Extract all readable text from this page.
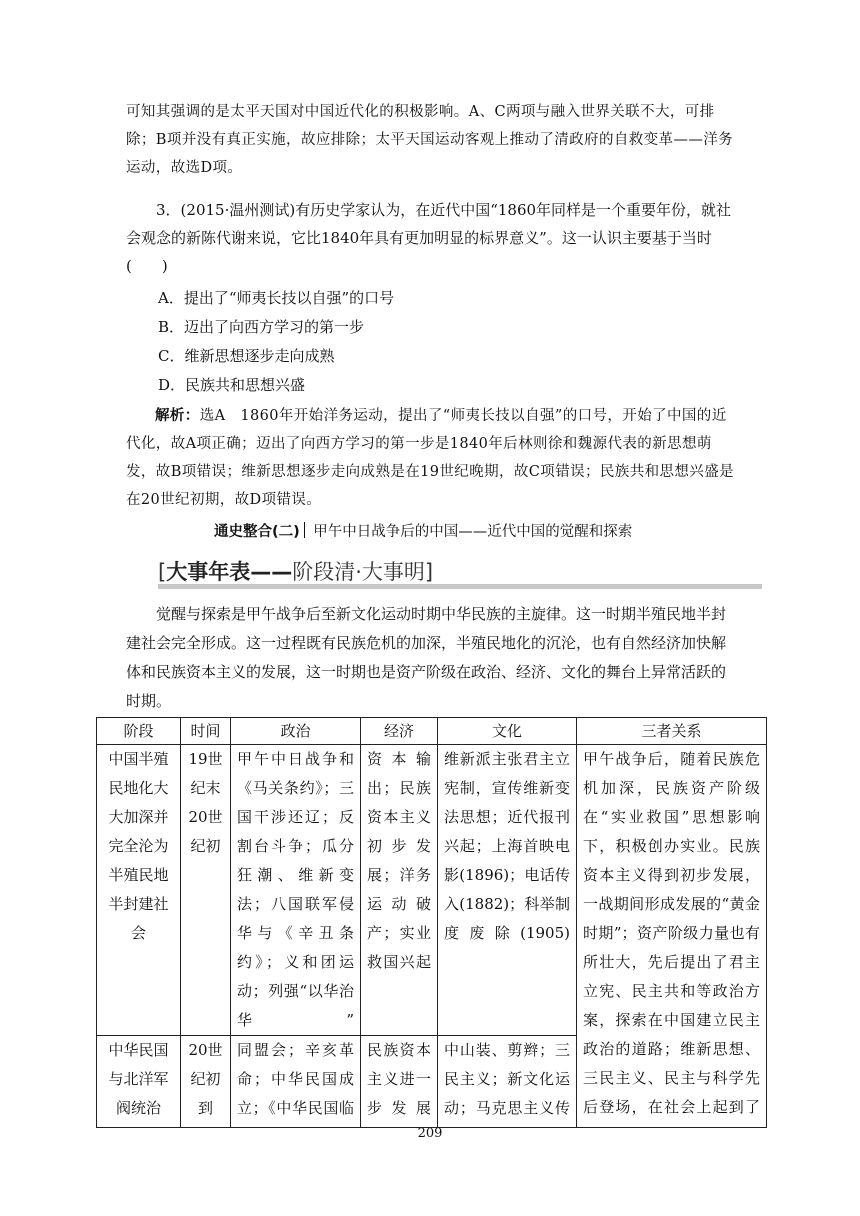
可知其强调的是太平天国对中国近代化的积极影响。A、C两项与融入世界关联不大，可排除；B项并没有真正实施，故应排除；太平天国运动客观上推动了清政府的自救变革——洋务运动，故选D项。

3．(2015·温州测试)有历史学家认为，在近代中国“1860年同样是一个重要年份，就社会观念的新陈代谢来说，它比1840年具有更加明显的标界意义”。这一认识主要基于当时(　　)

A．提出了“师夷长技以自强”的口号

B．迈出了向西方学习的第一步

C．维新思想逐步走向成熟

D．民族共和思想兴盛

解析：选A　1860年开始洋务运动，提出了“师夷长技以自强”的口号，开始了中国的近代化，故A项正确；迈出了向西方学习的第一步是1840年后林则徐和魏源代表的新思想萌发，故B项错误；维新思想逐步走向成熟是在19世纪晚期，故C项错误；民族共和思想兴盛是在20世纪初期，故D项错误。

通史整合(二) 甲午中日战争后的中国——近代中国的觉醒和探索
[大事年表——阶段清·大事明]

觉醒与探索是甲午战争后至新文化运动时期中华民族的主旋律。这一时期半殖民地半封建社会完全形成。这一过程既有民族危机的加深，半殖民地化的沉沦，也有自然经济加快解体和民族资本主义的发展，这一时期也是资产阶级在政治、经济、文化的舞台上异常活跃的时期。

阶段	时间	政治	经济	文化	三者关系
中国半殖民地化大大加深并完全沦为半殖民地半封建社会	19世纪末20世纪初	甲午中日战争和《马关条约》；三国干涉还辽；反割台斗争；瓜分狂潮、维新变法；八国联军侵华与《辛丑条约》；义和团运动；列强“以华治华”	资本输出；民族资本主义初步发展；洋务运动破产；实业救国兴起	维新派主张君主立宪制，宣传维新变法思想；近代报刊兴起；上海首映电影(1896)；电话传入(1882)；科举制度废除(1905)	甲午战争后，随着民族危机加深，民族资产阶级在“实业救国”思想影响下，积极创办实业。民族资本主义得到初步发展，一战期间形成发展的“黄金时期”；资产阶级力量也有所壮大，先后提出了君主立宪、民主共和等政治方案，探索在中国建立民主政治的道路；维新思想、三民主义、民主与科学先后登场，在社会上起到了
中华民国与北洋军阀统治	20世纪初到	同盟会；辛亥革命；中华民国成立；《中华民国临	民族资本主义进一步发展	中山装、剪辫；三民主义；新文化运动；马克思主义传	
209
